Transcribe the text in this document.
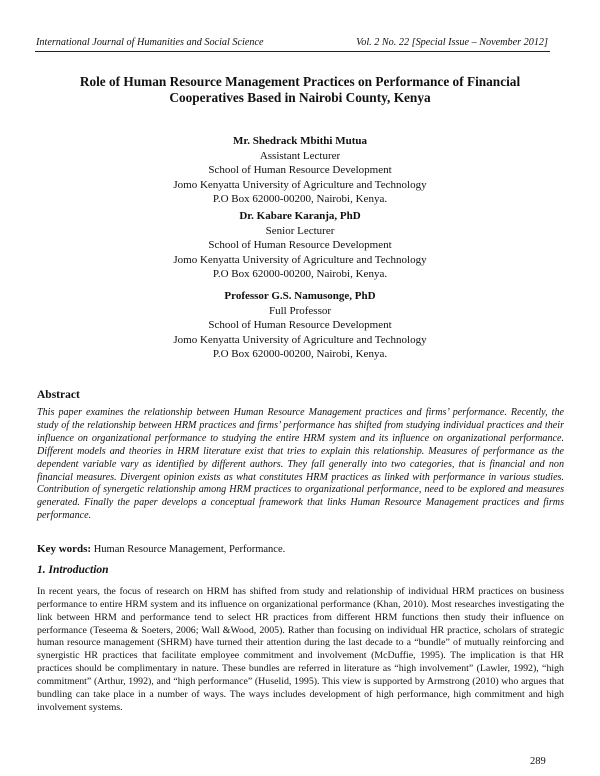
International Journal of Humanities and Social Science	Vol. 2 No. 22 [Special Issue – November 2012]
Role of Human Resource Management Practices on Performance of Financial
Cooperatives Based in Nairobi County, Kenya
Mr. Shedrack Mbithi Mutua
Assistant Lecturer
School of Human Resource Development
Jomo Kenyatta University of Agriculture and Technology
P.O Box 62000-00200, Nairobi, Kenya.
Dr. Kabare Karanja, PhD
Senior Lecturer
School of Human Resource Development
Jomo Kenyatta University of Agriculture and Technology
P.O Box 62000-00200, Nairobi, Kenya.
Professor G.S. Namusonge, PhD
Full Professor
School of Human Resource Development
Jomo Kenyatta University of Agriculture and Technology
P.O Box 62000-00200, Nairobi, Kenya.
Abstract
This paper examines the relationship between Human Resource Management practices and firms’ performance. Recently, the study of the relationship between HRM practices and firms’ performance has shifted from studying individual practices and their influence on organizational performance to studying the entire HRM system and its influence on organizational performance. Different models and theories in HRM literature exist that tries to explain this relationship. Measures of performance as the dependent variable vary as identified by different authors. They fall generally into two categories, that is financial and non financial measures. Divergent opinion exists as what constitutes HRM practices as linked with performance in various studies. Contribution of synergetic relationship among HRM practices to organizational performance, need to be explored and measures generated. Finally the paper develops a conceptual framework that links Human Resource Management practices and firms performance.
Key words: Human Resource Management, Performance.
1. Introduction
In recent years, the focus of research on HRM has shifted from study and relationship of individual HRM practices on business performance to entire HRM system and its influence on organizational performance (Khan, 2010). Most researches investigating the link between HRM and performance tend to select HR practices from different HRM functions then study their influence on performance (Teseema & Soeters, 2006; Wall &Wood, 2005). Rather than focusing on individual HR practice, scholars of strategic human resource management (SHRM) have turned their attention during the last decade to a “bundle” of mutually reinforcing and synergistic HR practices that facilitate employee commitment and involvement (McDuffie, 1995). The implication is that HR practices should be complimentary in nature. These bundles are referred in literature as “high involvement” (Lawler, 1992), “high commitment” (Arthur, 1992), and “high performance” (Huselid, 1995). This view is supported by Armstrong (2010) who argues that bundling can take place in a number of ways. The ways includes development of high performance, high commitment and high involvement systems.
289
